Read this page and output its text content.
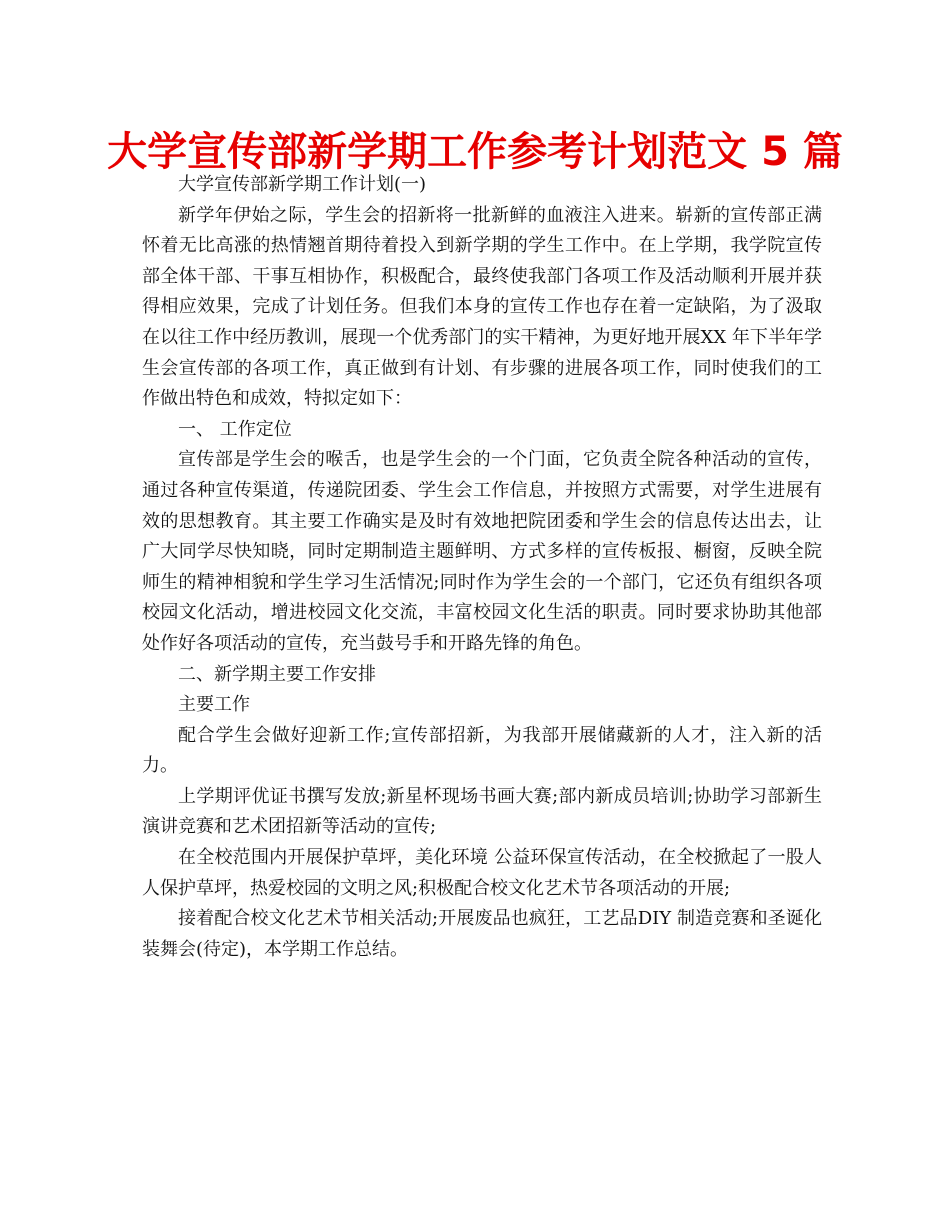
大学宣传部新学期工作参考计划范文 5 篇

大学宣传部新学期工作计划(一)

新学年伊始之际，学生会的招新将一批新鲜的血液注入进来。崭新的宣传部正满怀着无比高涨的热情翘首期待着投入到新学期的学生工作中。在上学期，我学院宣传部全体干部、干事互相协作，积极配合，最终使我部门各项工作及活动顺利开展并获得相应效果，完成了计划任务。但我们本身的宣传工作也存在着一定缺陷，为了汲取在以往工作中经历教训，展现一个优秀部门的实干精神，为更好地开展XX 年下半年学生会宣传部的各项工作，真正做到有计划、有步骤的进展各项工作，同时使我们的工作做出特色和成效，特拟定如下：

一、 工作定位

宣传部是学生会的喉舌，也是学生会的一个门面，它负责全院各种活动的宣传，通过各种宣传渠道，传递院团委、学生会工作信息，并按照方式需要，对学生进展有效的思想教育。其主要工作确实是及时有效地把院团委和学生会的信息传达出去，让广大同学尽快知晓，同时定期制造主题鲜明、方式多样的宣传板报、橱窗，反映全院师生的精神相貌和学生学习生活情况;同时作为学生会的一个部门，它还负有组织各项校园文化活动，增进校园文化交流，丰富校园文化生活的职责。同时要求协助其他部处作好各项活动的宣传，充当鼓号手和开路先锋的角色。

二、新学期主要工作安排

主要工作

配合学生会做好迎新工作;宣传部招新，为我部开展储藏新的人才，注入新的活力。

上学期评优证书撰写发放;新星杯现场书画大赛;部内新成员培训;协助学习部新生演讲竞赛和艺术团招新等活动的宣传;

在全校范围内开展保护草坪，美化环境 公益环保宣传活动，在全校掀起了一股人人保护草坪，热爱校园的文明之风;积极配合校文化艺术节各项活动的开展;

接着配合校文化艺术节相关活动;开展废品也疯狂，工艺品DIY 制造竞赛和圣诞化装舞会(待定)，本学期工作总结。
